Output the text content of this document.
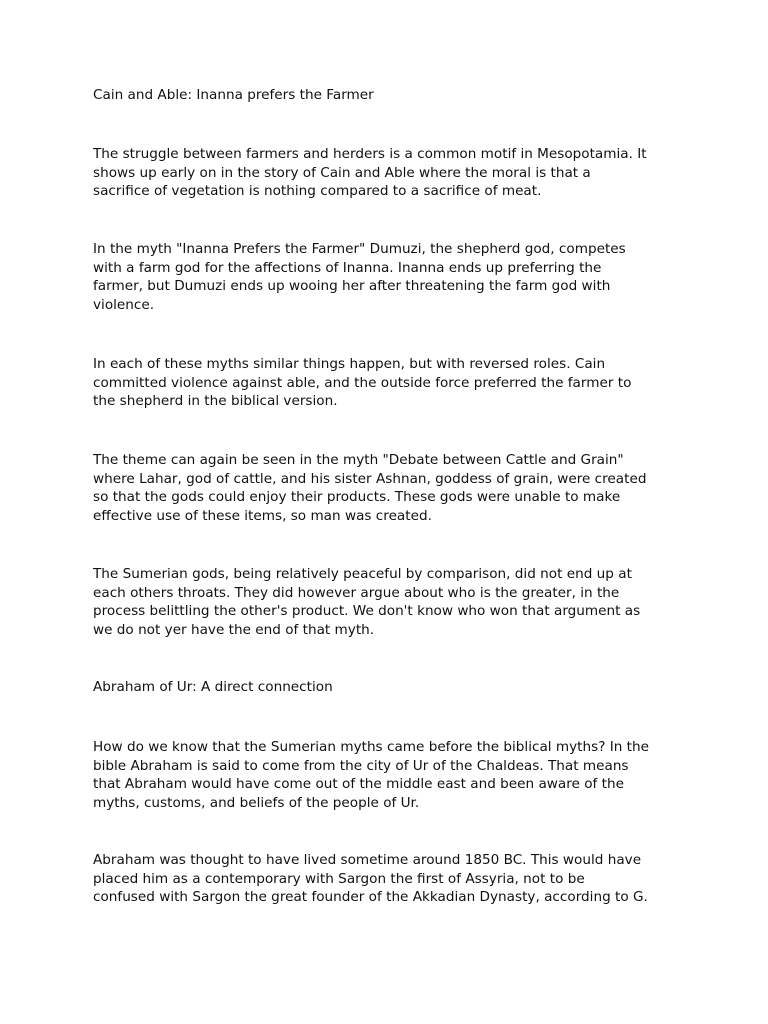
Cain and Able: Inanna prefers the Farmer

The struggle between farmers and herders is a common motif in Mesopotamia. It
shows up early on in the story of Cain and Able where the moral is that a
sacrifice of vegetation is nothing compared to a sacrifice of meat.

In the myth "Inanna Prefers the Farmer" Dumuzi, the shepherd god, competes
with a farm god for the affections of Inanna. Inanna ends up preferring the
farmer, but Dumuzi ends up wooing her after threatening the farm god with
violence.

In each of these myths similar things happen, but with reversed roles. Cain
committed violence against able, and the outside force preferred the farmer to
the shepherd in the biblical version.

The theme can again be seen in the myth "Debate between Cattle and Grain"
where Lahar, god of cattle, and his sister Ashnan, goddess of grain, were created
so that the gods could enjoy their products. These gods were unable to make
effective use of these items, so man was created.

The Sumerian gods, being relatively peaceful by comparison, did not end up at
each others throats. They did however argue about who is the greater, in the
process belittling the other's product. We don't know who won that argument as
we do not yer have the end of that myth.

Abraham of Ur: A direct connection

How do we know that the Sumerian myths came before the biblical myths? In the
bible Abraham is said to come from the city of Ur of the Chaldeas. That means
that Abraham would have come out of the middle east and been aware of the
myths, customs, and beliefs of the people of Ur.

Abraham was thought to have lived sometime around 1850 BC. This would have
placed him as a contemporary with Sargon the first of Assyria, not to be
confused with Sargon the great founder of the Akkadian Dynasty, according to G.
